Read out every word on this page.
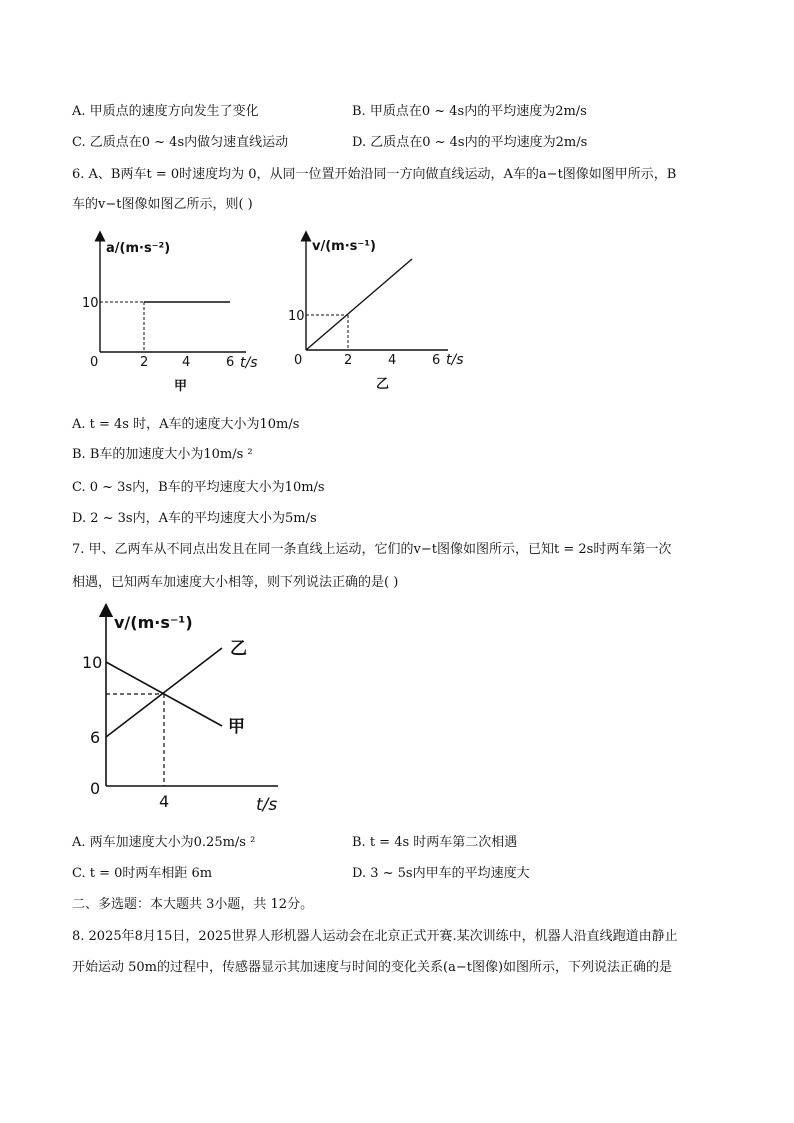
A. 甲质点的速度方向发生了变化	B. 甲质点在0 ~ 4s内的平均速度为2m/s
C. 乙质点在0 ~ 4s内做匀速直线运动	D. 乙质点在0 ~ 4s内的平均速度为2m/s
6. A、B两车t = 0时速度均为 0，从同一位置开始沿同一方向做直线运动，A车的a−t图像如图甲所示，B
车的v−t图像如图乙所示，则( )
a/(m·s⁻²)
10
0	2	4	6 t/s
甲
v/(m·s⁻¹)
10
0	2	4	6 t/s
乙
A. t = 4s 时，A车的速度大小为10m/s
B. B车的加速度大小为10m/s ²
C. 0 ~ 3s内，B车的平均速度大小为10m/s
D. 2 ~ 3s内，A车的平均速度大小为5m/s
7. 甲、乙两车从不同点出发且在同一条直线上运动，它们的v−t图像如图所示，已知t = 2s时两车第一次
相遇，已知两车加速度大小相等，则下列说法正确的是( )
v/(m·s⁻¹)
10
6
0
4	t/s
乙
甲
A. 两车加速度大小为0.25m/s ²	B. t = 4s 时两车第二次相遇
C. t = 0时两车相距 6m	D. 3 ~ 5s内甲车的平均速度大
二、多选题：本大题共 3小题，共 12分。
8. 2025年8月15日，2025世界人形机器人运动会在北京正式开赛.某次训练中，机器人沿直线跑道由静止
开始运动 50m的过程中，传感器显示其加速度与时间的变化关系(a−t图像)如图所示，下列说法正确的是
